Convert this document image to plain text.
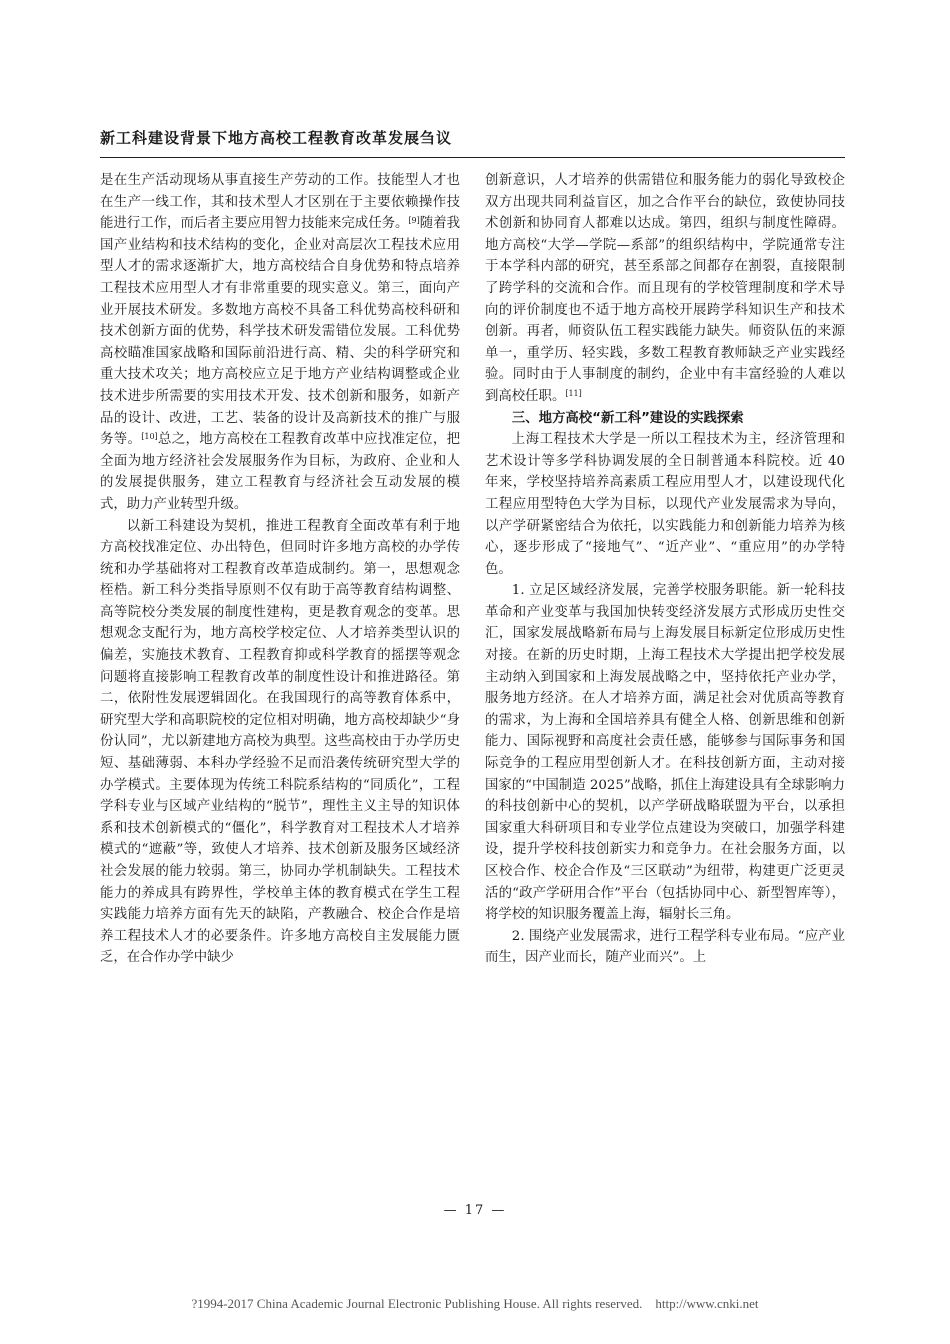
新工科建设背景下地方高校工程教育改革发展刍议

是在生产活动现场从事直接生产劳动的工作。技能型人才也在生产一线工作，其和技术型人才区别在于主要依赖操作技能进行工作，而后者主要应用智力技能来完成任务。[9]随着我国产业结构和技术结构的变化，企业对高层次工程技术应用型人才的需求逐渐扩大，地方高校结合自身优势和特点培养工程技术应用型人才有非常重要的现实意义。第三，面向产业开展技术研发。多数地方高校不具备工科优势高校科研和技术创新方面的优势，科学技术研发需错位发展。工科优势高校瞄准国家战略和国际前沿进行高、精、尖的科学研究和重大技术攻关；地方高校应立足于地方产业结构调整或企业技术进步所需要的实用技术开发、技术创新和服务，如新产品的设计、改进，工艺、装备的设计及高新技术的推广与服务等。[10]总之，地方高校在工程教育改革中应找准定位，把全面为地方经济社会发展服务作为目标，为政府、企业和人的发展提供服务，建立工程教育与经济社会互动发展的模式，助力产业转型升级。

以新工科建设为契机，推进工程教育全面改革有利于地方高校找准定位、办出特色，但同时许多地方高校的办学传统和办学基础将对工程教育改革造成制约。第一，思想观念桎梏。新工科分类指导原则不仅有助于高等教育结构调整、高等院校分类发展的制度性建构，更是教育观念的变革。思想观念支配行为，地方高校学校定位、人才培养类型认识的偏差，实施技术教育、工程教育抑或科学教育的摇摆等观念问题将直接影响工程教育改革的制度性设计和推进路径。第二，依附性发展逻辑固化。在我国现行的高等教育体系中，研究型大学和高职院校的定位相对明确，地方高校却缺少“身份认同”，尤以新建地方高校为典型。这些高校由于办学历史短、基础薄弱、本科办学经验不足而沿袭传统研究型大学的办学模式。主要体现为传统工科院系结构的“同质化”，工程学科专业与区域产业结构的“脱节”，理性主义主导的知识体系和技术创新模式的“僵化”，科学教育对工程技术人才培养模式的“遮蔽”等，致使人才培养、技术创新及服务区域经济社会发展的能力较弱。第三，协同办学机制缺失。工程技术能力的养成具有跨界性，学校单主体的教育模式在学生工程实践能力培养方面有先天的缺陷，产教融合、校企合作是培养工程技术人才的必要条件。许多地方高校自主发展能力匮乏，在合作办学中缺少

创新意识，人才培养的供需错位和服务能力的弱化导致校企双方出现共同利益盲区，加之合作平台的缺位，致使协同技术创新和协同育人都难以达成。第四，组织与制度性障碍。地方高校“大学—学院—系部”的组织结构中，学院通常专注于本学科内部的研究，甚至系部之间都存在割裂，直接限制了跨学科的交流和合作。而且现有的学校管理制度和学术导向的评价制度也不适于地方高校开展跨学科知识生产和技术创新。再者，师资队伍工程实践能力缺失。师资队伍的来源单一，重学历、轻实践，多数工程教育教师缺乏产业实践经验。同时由于人事制度的制约，企业中有丰富经验的人难以到高校任职。[11]

三、地方高校“新工科”建设的实践探索

上海工程技术大学是一所以工程技术为主，经济管理和艺术设计等多学科协调发展的全日制普通本科院校。近 40 年来，学校坚持培养高素质工程应用型人才，以建设现代化工程应用型特色大学为目标，以现代产业发展需求为导向，以产学研紧密结合为依托，以实践能力和创新能力培养为核心，逐步形成了“接地气”、“近产业”、“重应用”的办学特色。

1. 立足区域经济发展，完善学校服务职能。新一轮科技革命和产业变革与我国加快转变经济发展方式形成历史性交汇，国家发展战略新布局与上海发展目标新定位形成历史性对接。在新的历史时期，上海工程技术大学提出把学校发展主动纳入到国家和上海发展战略之中，坚持依托产业办学，服务地方经济。在人才培养方面，满足社会对优质高等教育的需求，为上海和全国培养具有健全人格、创新思维和创新能力、国际视野和高度社会责任感，能够参与国际事务和国际竞争的工程应用型创新人才。在科技创新方面，主动对接国家的“中国制造 2025”战略，抓住上海建设具有全球影响力的科技创新中心的契机，以产学研战略联盟为平台，以承担国家重大科研项目和专业学位点建设为突破口，加强学科建设，提升学校科技创新实力和竞争力。在社会服务方面，以区校合作、校企合作及“三区联动”为纽带，构建更广泛更灵活的“政产学研用合作”平台（包括协同中心、新型智库等），将学校的知识服务覆盖上海，辐射长三角。

2. 围绕产业发展需求，进行工程学科专业布局。“应产业而生，因产业而长，随产业而兴”。上

— 17 —
?1994-2017 China Academic Journal Electronic Publishing House. All rights reserved.    http://www.cnki.net
